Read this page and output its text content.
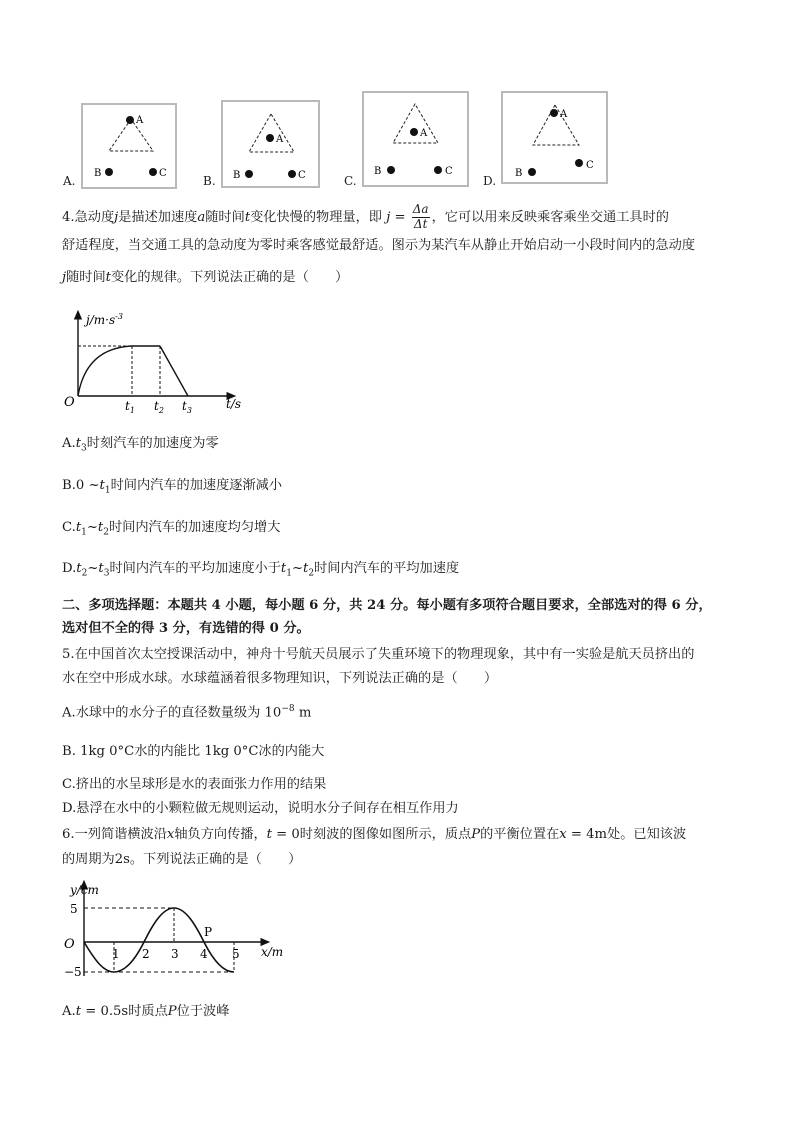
A
B	C
A.
A
B	C
B.
A
B	C
C.
A
B
C
D.
4.急动度j是描述加速度a随时间t变化快慢的物理量，即 $j = \frac{\Delta a}{\Delta t}$ ，它可以用来反映乘客乘坐交通工具时的
舒适程度，当交通工具的急动度为零时乘客感觉最舒适。图示为某汽车从静止开始启动一小段时间内的急动度
j随时间t变化的规律。下列说法正确的是（　　）
$j/m\cdot s^{-3}$
O	t/s
$t_1$ $t_2$ $t_3$
$A.t_3$时刻汽车的加速度为零
B.0 $\sim t_1$时间内汽车的加速度逐渐减小
$C.t_1\sim t_2$时间内汽车的加速度均匀增大
$D.t_2\sim t_3$时间内汽车的平均加速度小于$t_1\sim t_2$时间内汽车的平均加速度
二、多项选择题：本题共 4 小题，每小题 6 分，共 24 分。每小题有多项符合题目要求，全部选对的得 6 分，
选对但不全的得 3 分，有选错的得 0 分。
5.在中国首次太空授课活动中，神舟十号航天员展示了失重环境下的物理现象，其中有一实验是航天员挤出的
水在空中形成水球。水球蕴涵着很多物理知识，下列说法正确的是（　　）
A.水球中的水分子的直径数量级为 $10^{-8}$ m
B. 1kg 0°C水的内能比 1kg 0°C冰的内能大
C.挤出的水呈球形是水的表面张力作用的结果
D.悬浮在水中的小颗粒做无规则运动，说明水分子间存在相互作用力
6.一列简谐横波沿x轴负方向传播，t = 0时刻波的图像如图所示，质点P的平衡位置在x = 4m处。已知该波
的周期为2s。下列说法正确的是（　　）
y/cm
O
5
−5
x/m
1 2 3 4 5
P
A.t = 0.5s时质点P位于波峰
